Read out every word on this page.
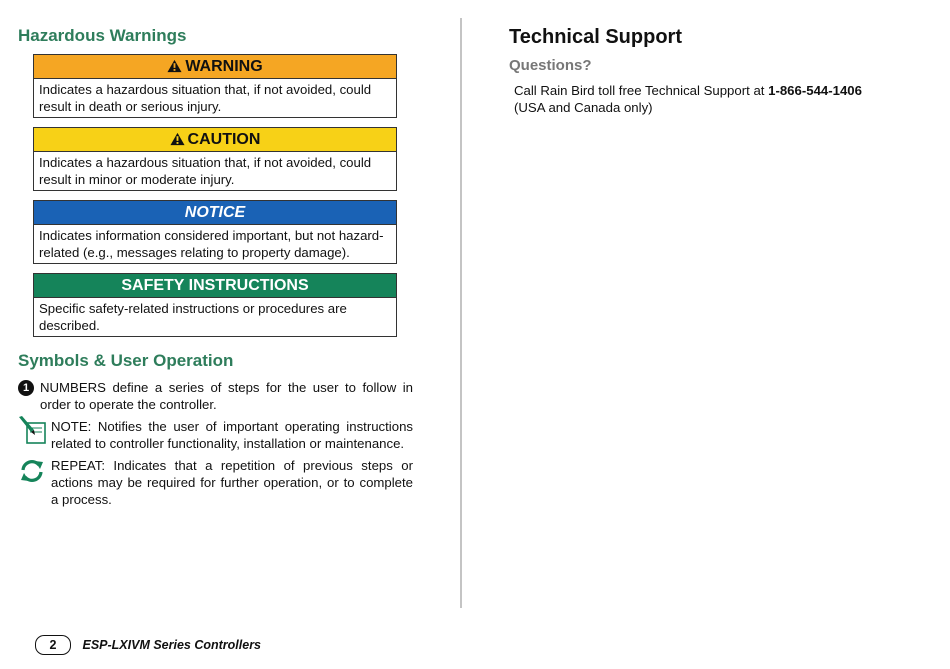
Hazardous Warnings
WARNING
Indicates a hazardous situation that, if not avoided, could result in death or serious injury.
CAUTION
Indicates a hazardous situation that, if not avoided, could result in minor or moderate injury.
NOTICE
Indicates information considered important, but not hazard-related (e.g., messages relating to property damage).
SAFETY INSTRUCTIONS
Specific safety-related instructions or procedures are described.
Symbols & User Operation
1 NUMBERS define a series of steps for the user to follow in order to operate the controller.
NOTE: Notifies the user of important operating instructions related to controller functionality, installation or maintenance.
REPEAT: Indicates that a repetition of previous steps or actions may be required for further operation, or to complete a process.
Technical Support
Questions?
Call Rain Bird toll free Technical Support at 1-866-544-1406
(USA and Canada only)
2 ESP-LXIVM Series Controllers
